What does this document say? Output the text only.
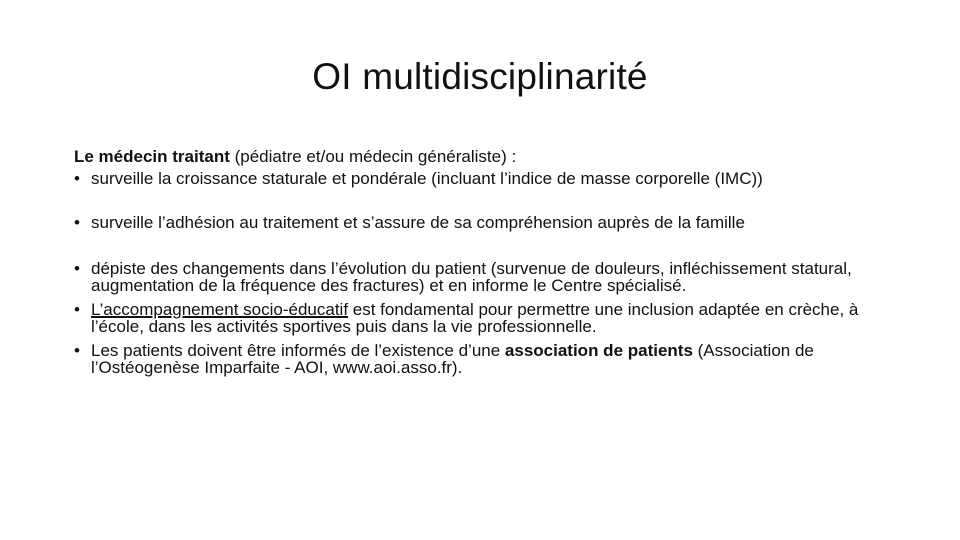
OI multidisciplinarité

Le médecin traitant (pédiatre et/ou médecin généraliste) :

• surveille la croissance staturale et pondérale (incluant l’indice de masse corporelle (IMC))
• surveille l’adhésion au traitement et s’assure de sa compréhension auprès de la famille
• dépiste des changements dans l’évolution du patient (survenue de douleurs, infléchissement statural, augmentation de la fréquence des fractures) et en informe le Centre spécialisé.
• L’accompagnement socio-éducatif est fondamental pour permettre une inclusion adaptée en crèche, à l’école, dans les activités sportives puis dans la vie professionnelle.
• Les patients doivent être informés de l’existence d’une association de patients (Association de l’Ostéogenèse Imparfaite - AOI, www.aoi.asso.fr).
